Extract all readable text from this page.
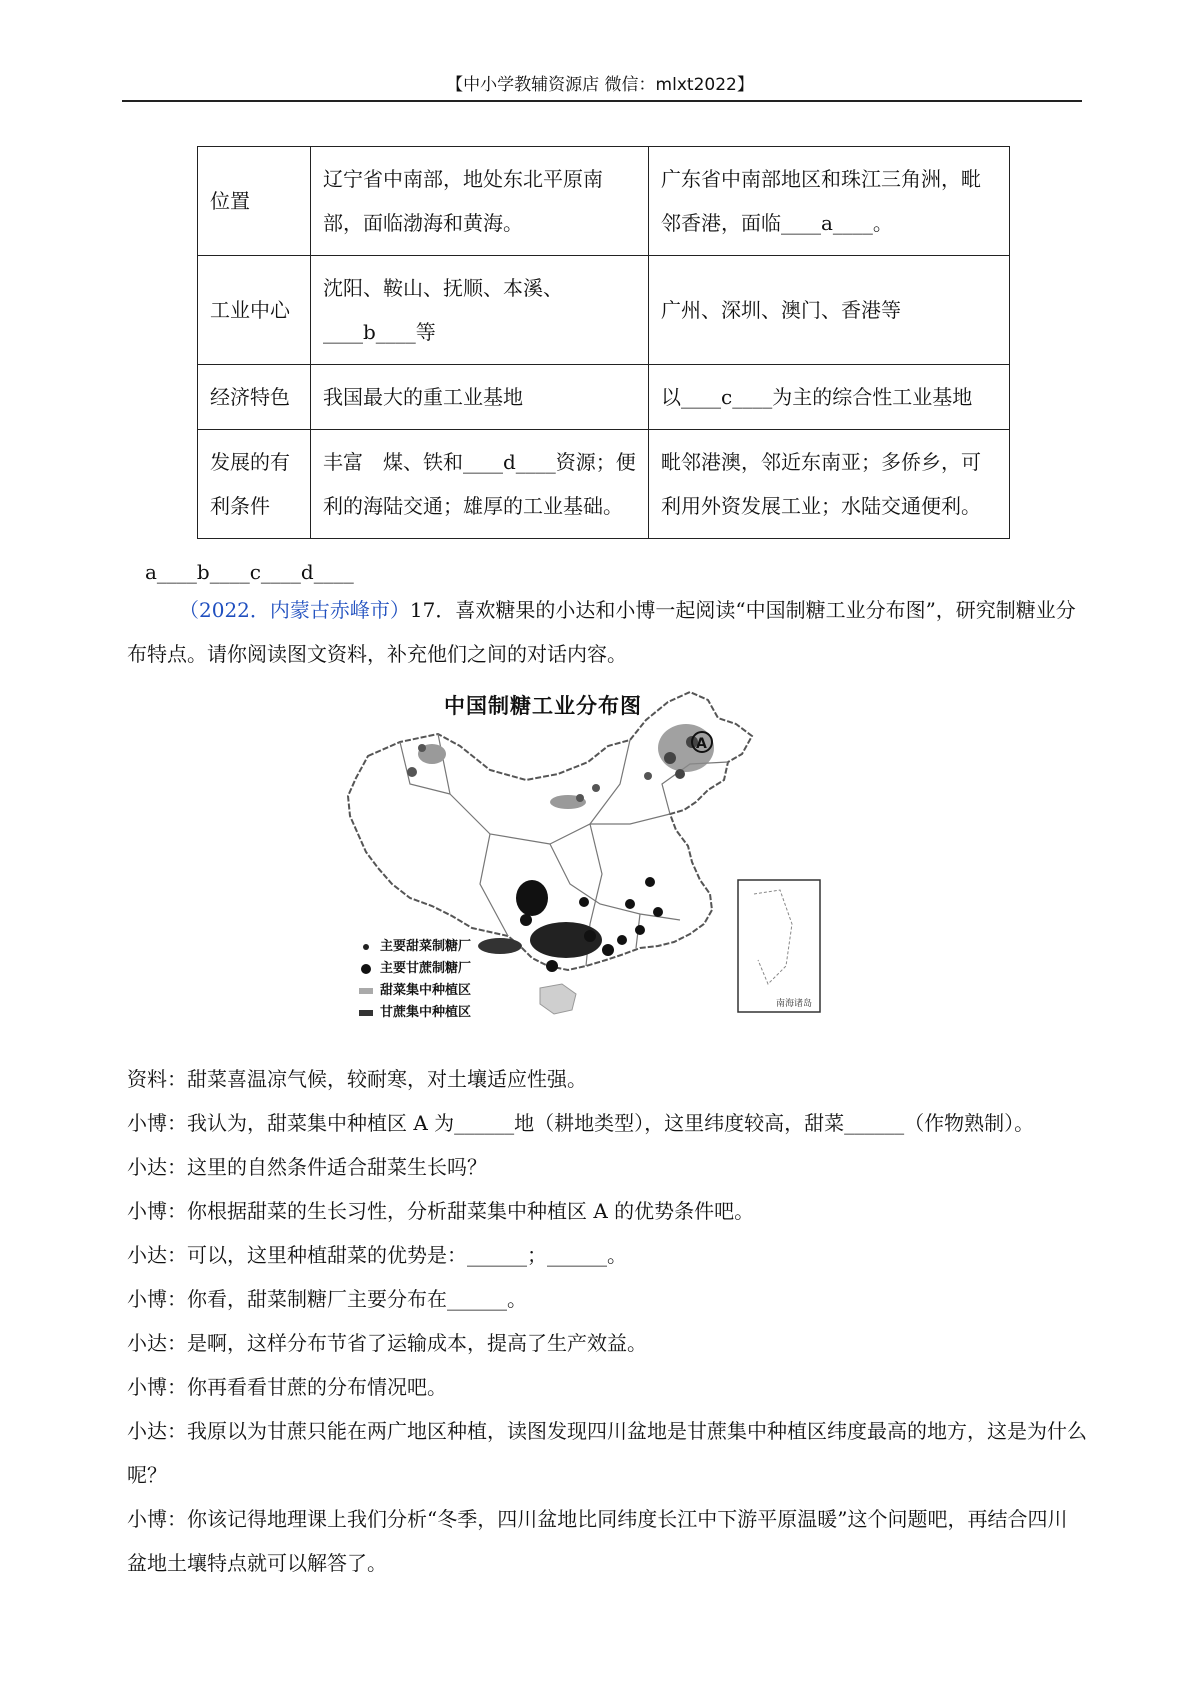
【中小学教辅资源店 微信：mlxt2022】
位置	辽宁省中南部，地处东北平原南部，面临渤海和黄海。	广东省中南部地区和珠江三角洲，毗邻香港，面临____a____。
工业中心	沈阳、鞍山、抚顺、本溪、____b____等	广州、深圳、澳门、香港等
经济特色	我国最大的重工业基地	以____c____为主的综合性工业基地
发展的有利条件	丰富　煤、铁和____d____资源；便利的海陆交通；雄厚的工业基础。	毗邻港澳，邻近东南亚；多侨乡，可利用外资发展工业；水陆交通便利。
a____b____c____d____
（2022．内蒙古赤峰市）17．喜欢糖果的小达和小博一起阅读“中国制糖工业分布图”，研究制糖业分布特点。请你阅读图文资料，补充他们之间的对话内容。
A
南海诸岛
中国制糖工业分布图
主要甜菜制糖厂
主要甘蔗制糖厂
甜菜集中种植区
甘蔗集中种植区
资料：甜菜喜温凉气候，较耐寒，对土壤适应性强。
小博：我认为，甜菜集中种植区 A 为______地（耕地类型），这里纬度较高，甜菜______（作物熟制）。
小达：这里的自然条件适合甜菜生长吗？
小博：你根据甜菜的生长习性，分析甜菜集中种植区 A 的优势条件吧。
小达：可以，这里种植甜菜的优势是：______；______。
小博：你看，甜菜制糖厂主要分布在______。
小达：是啊，这样分布节省了运输成本，提高了生产效益。
小博：你再看看甘蔗的分布情况吧。
小达：我原以为甘蔗只能在两广地区种植，读图发现四川盆地是甘蔗集中种植区纬度最高的地方，这是为什么呢？
小博：你该记得地理课上我们分析“冬季，四川盆地比同纬度长江中下游平原温暖”这个问题吧，再结合四川盆地土壤特点就可以解答了。
